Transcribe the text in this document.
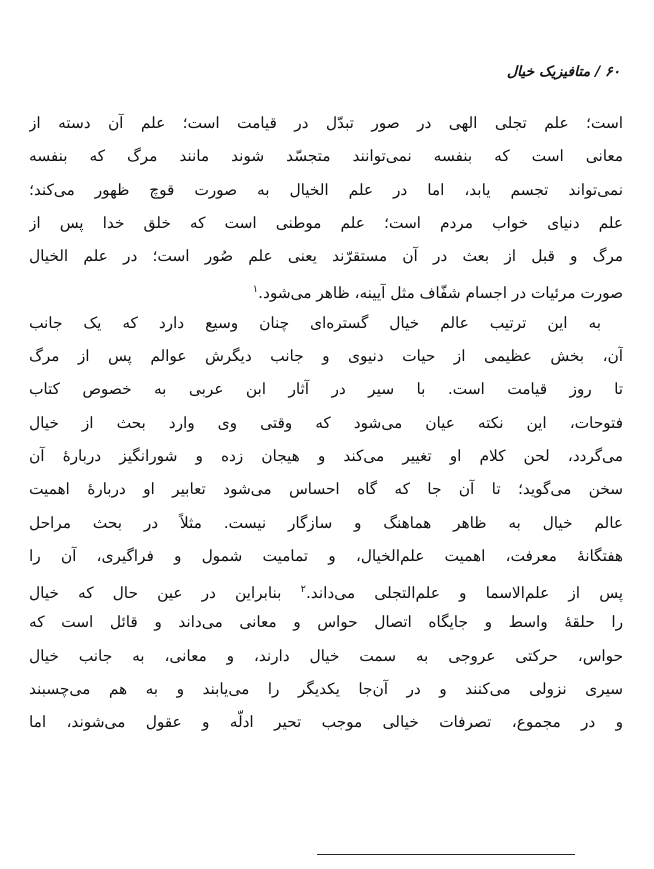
۶۰ / متافیزیک خیال
است؛ علم تجلی الهی در صور تبدّل در قیامت است؛ علم آن دسته از
معانی است که بنفسه نمی‌توانند متجسّد شوند مانند مرگ که بنفسه
نمی‌تواند تجسم یابد، اما در علم الخیال به صورت قوچ ظهور می‌کند؛
علم دنیای خواب مردم است؛ علم موطنی است که خلق خدا پس از
مرگ و قبل از بعث در آن مستقرّند یعنی علم صُور است؛ در علم الخیال
صورت مرئیات در اجسام شفّاف مثل آیینه، ظاهر می‌شود.$^۱$
به این ترتیب عالم خیال گستره‌ای چنان وسیع دارد که یک جانب
آن، بخش عظیمی از حیات دنیوی و جانب دیگرش عوالم پس از مرگ
تا روز قیامت است. با سیر در آثار ابن عربی به خصوص کتاب
فتوحات، این نکته عیان می‌شود که وقتی وی وارد بحث از خیال
می‌گردد، لحن کلام او تغییر می‌کند و هیجان زده و شورانگیز دربارهٔ آن
سخن می‌گوید؛ تا آن جا که گاه احساس می‌شود تعابیر او دربارهٔ اهمیت
عالم خیال به ظاهر هماهنگ و سازگار نیست. مثلاً در بحث مراحل
هفتگانهٔ معرفت، اهمیت علم‌الخیال، و تمامیت شمول و فراگیری، آن را
پس از علم‌الاسما و علم‌التجلی می‌داند.$^۲$ بنابراین در عین حال که خیال
را حلقهٔ واسط و جایگاه اتصال حواس و معانی می‌داند و قائل است که
حواس، حرکتی عروجی به سمت خیال دارند، و معانی، به جانب خیال
سیری نزولی می‌کنند و در آن‌جا یکدیگر را می‌یابند و به هم می‌چسبند
و در مجموع، تصرفات خیالی موجب تحیر ادلّه و عقول می‌شوند، اما
